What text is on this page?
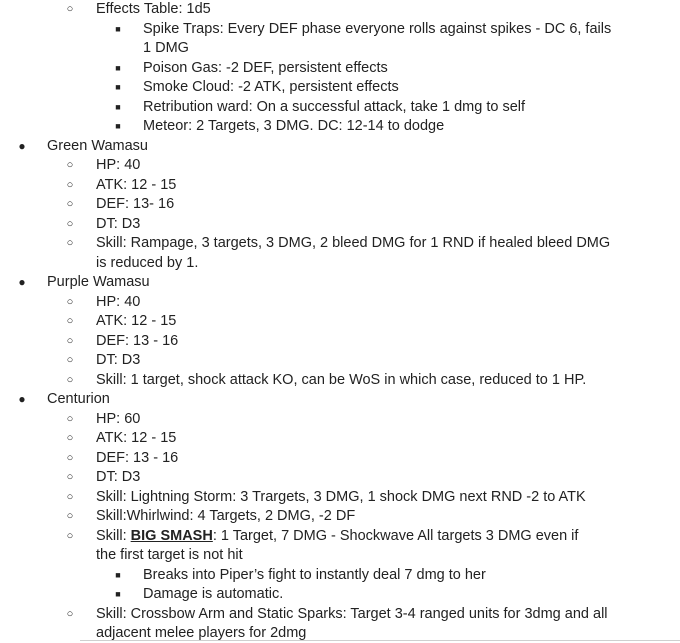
○ Effects Table: 1d5
■ Spike Traps: Every DEF phase everyone rolls against spikes - DC 6, fails
1 DMG
■ Poison Gas: -2 DEF, persistent effects
■ Smoke Cloud: -2 ATK, persistent effects
■ Retribution ward: On a successful attack, take 1 dmg to self
■ Meteor: 2 Targets, 3 DMG. DC: 12-14 to dodge
● Green Wamasu
○ HP: 40
○ ATK: 12 - 15
○ DEF: 13- 16
○ DT: D3
○ Skill: Rampage, 3 targets, 3 DMG, 2 bleed DMG for 1 RND if healed bleed DMG
is reduced by 1.
● Purple Wamasu
○ HP: 40
○ ATK: 12 - 15
○ DEF: 13 - 16
○ DT: D3
○ Skill: 1 target, shock attack KO, can be WoS in which case, reduced to 1 HP.
● Centurion
○ HP: 60
○ ATK: 12 - 15
○ DEF: 13 - 16
○ DT: D3
○ Skill: Lightning Storm: 3 Trargets, 3 DMG, 1 shock DMG next RND -2 to ATK
○ Skill:Whirlwind: 4 Targets, 2 DMG, -2 DF
○ Skill: BIG SMASH: 1 Target, 7 DMG - Shockwave All targets 3 DMG even if
the first target is not hit
■ Breaks into Piper’s fight to instantly deal 7 dmg to her
■ Damage is automatic.
○ Skill: Crossbow Arm and Static Sparks: Target 3-4 ranged units for 3dmg and all
adjacent melee players for 2dmg
